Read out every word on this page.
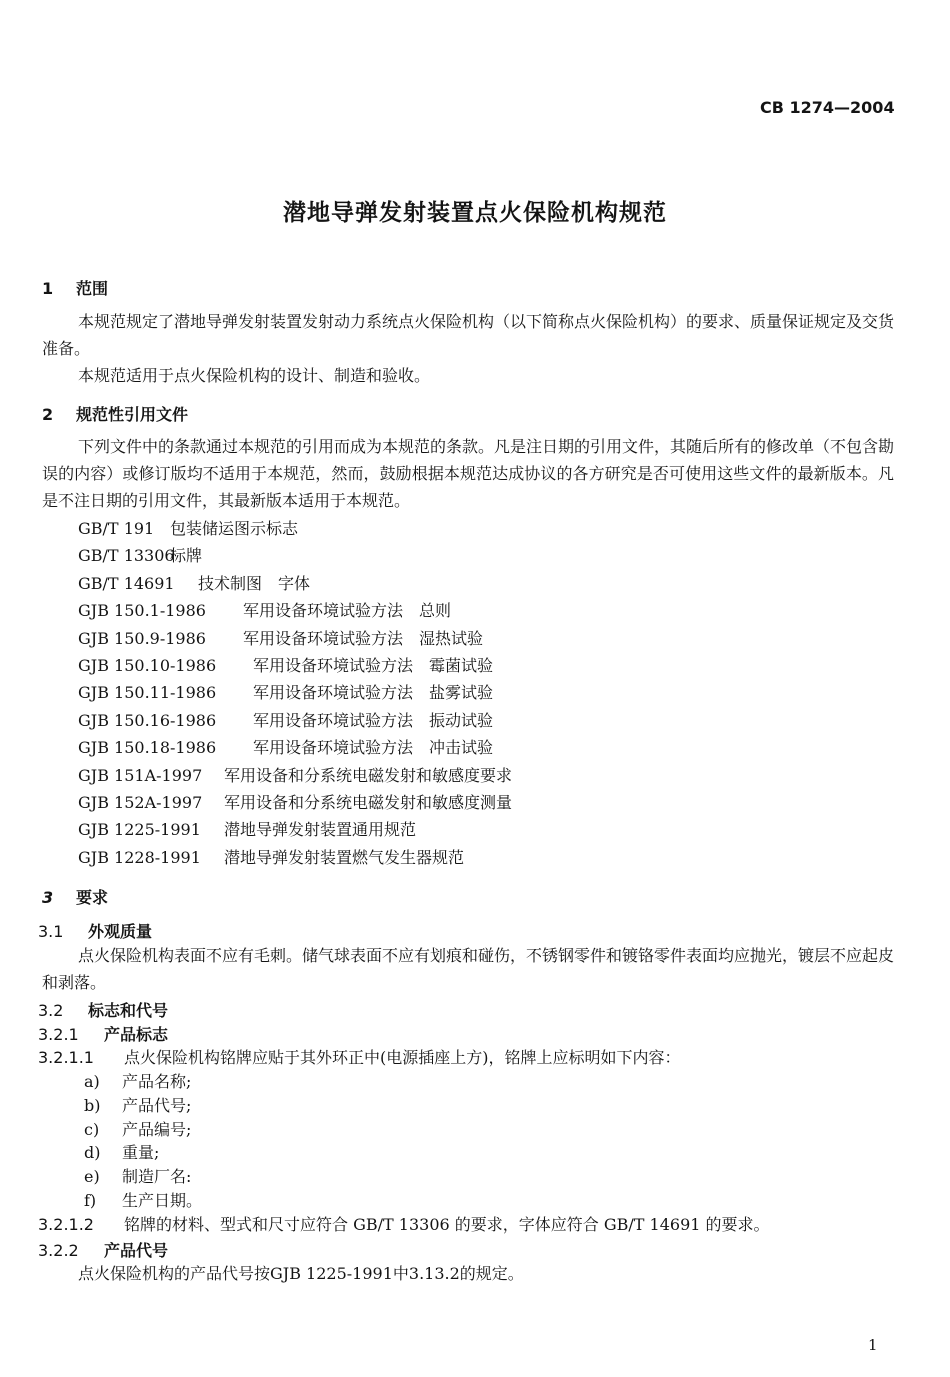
CB 1274—2004
潜地导弹发射装置点火保险机构规范
1 范围
本规范规定了潜地导弹发射装置发射动力系统点火保险机构（以下简称点火保险机构）的要求、质量保证规定及交货准备。
本规范适用于点火保险机构的设计、制造和验收。
2 规范性引用文件
下列文件中的条款通过本规范的引用而成为本规范的条款。凡是注日期的引用文件，其随后所有的修改单（不包含勘误的内容）或修订版均不适用于本规范，然而，鼓励根据本规范达成协议的各方研究是否可使用这些文件的最新版本。凡是不注日期的引用文件，其最新版本适用于本规范。
GB/T 191 包装储运图示标志
GB/T 13306标牌
GB/T 14691 技术制图　字体
GJB 150.1-1986 军用设备环境试验方法　总则
GJB 150.9-1986 军用设备环境试验方法　湿热试验
GJB 150.10-1986 军用设备环境试验方法　霉菌试验
GJB 150.11-1986 军用设备环境试验方法　盐雾试验
GJB 150.16-1986 军用设备环境试验方法　振动试验
GJB 150.18-1986 军用设备环境试验方法　冲击试验
GJB 151A-1997 军用设备和分系统电磁发射和敏感度要求
GJB 152A-1997 军用设备和分系统电磁发射和敏感度测量
GJB 1225-1991 潜地导弹发射装置通用规范
GJB 1228-1991 潜地导弹发射装置燃气发生器规范
3 要求
3.1 外观质量
点火保险机构表面不应有毛刺。储气球表面不应有划痕和碰伤，不锈钢零件和镀铬零件表面均应抛光，镀层不应起皮和剥落。
3.2 标志和代号
3.2.1 产品标志
3.2.1.1 点火保险机构铭牌应贴于其外环正中(电源插座上方)，铭牌上应标明如下内容：
a) 产品名称;
b) 产品代号;
c) 产品编号;
d) 重量;
e) 制造厂名:
f) 生产日期。
3.2.1.2 铭牌的材料、型式和尺寸应符合 GB/T 13306 的要求，字体应符合 GB/T 14691 的要求。
3.2.2 产品代号
点火保险机构的产品代号按GJB 1225-1991中3.13.2的规定。
1
